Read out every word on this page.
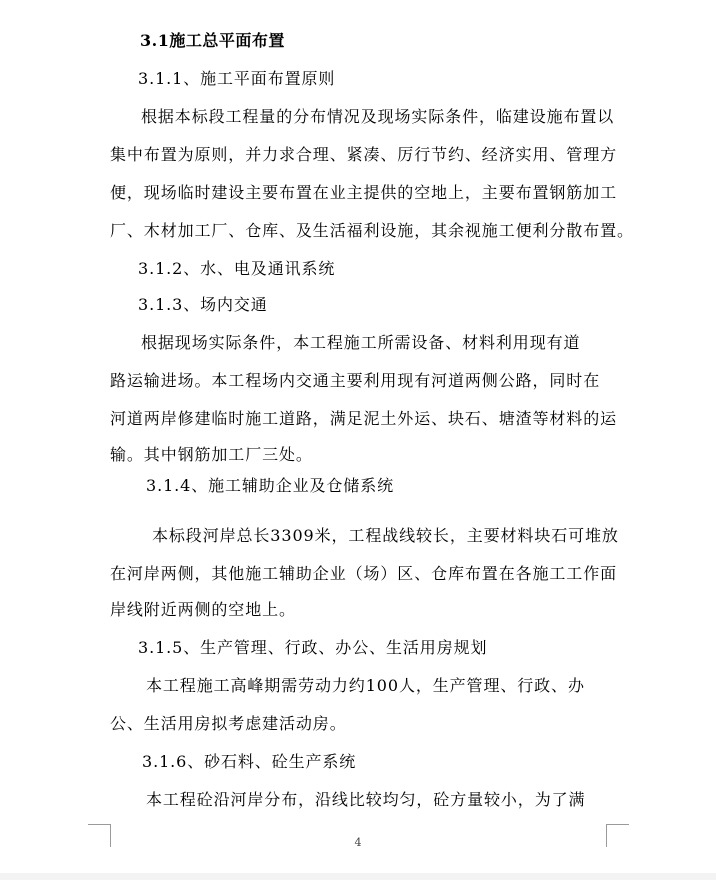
3.1施工总平面布置
3.1.1、施工平面布置原则
根据本标段工程量的分布情况及现场实际条件，临建设施布置以
集中布置为原则，并力求合理、紧凑、厉行节约、经济实用、管理方
便，现场临时建设主要布置在业主提供的空地上，主要布置钢筋加工
厂、木材加工厂、仓库、及生活福利设施，其余视施工便利分散布置。
3.1.2、水、电及通讯系统
3.1.3、场内交通
根据现场实际条件，本工程施工所需设备、材料利用现有道
路运输进场。本工程场内交通主要利用现有河道两侧公路，同时在
河道两岸修建临时施工道路，满足泥土外运、块石、塘渣等材料的运
输。其中钢筋加工厂三处。
3.1.4、施工辅助企业及仓储系统
本标段河岸总长3309米，工程战线较长，主要材料块石可堆放
在河岸两侧，其他施工辅助企业（场）区、仓库布置在各施工工作面
岸线附近两侧的空地上。
3.1.5、生产管理、行政、办公、生活用房规划
本工程施工高峰期需劳动力约100人，生产管理、行政、办
公、生活用房拟考虑建活动房。
3.1.6、砂石料、砼生产系统
本工程砼沿河岸分布，沿线比较均匀，砼方量较小，为了满
4
